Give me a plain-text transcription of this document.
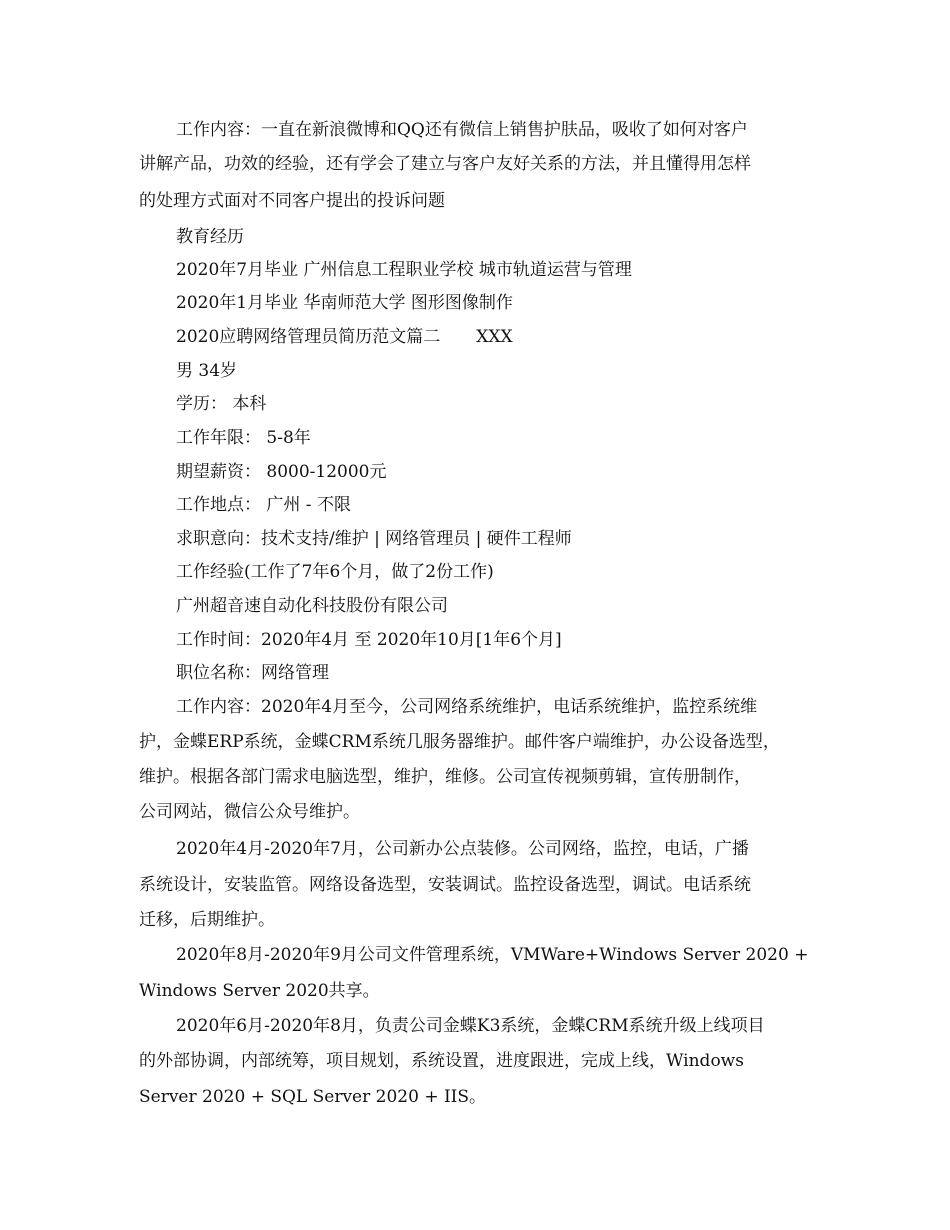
工作内容：一直在新浪微博和QQ还有微信上销售护肤品，吸收了如何对客户
讲解产品，功效的经验，还有学会了建立与客户友好关系的方法，并且懂得用怎样
的处理方式面对不同客户提出的投诉问题
教育经历
2020年7月毕业 广州信息工程职业学校 城市轨道运营与管理
2020年1月毕业 华南师范大学 图形图像制作
2020应聘网络管理员简历范文篇二 XXX
男 34岁
学历： 本科
工作年限： 5-8年
期望薪资： 8000-12000元
工作地点： 广州 - 不限
求职意向：技术支持/维护 | 网络管理员 | 硬件工程师
工作经验(工作了7年6个月，做了2份工作)
广州超音速自动化科技股份有限公司
工作时间：2020年4月 至 2020年10月[1年6个月]
职位名称：网络管理
工作内容：2020年4月至今，公司网络系统维护，电话系统维护，监控系统维
护，金蝶ERP系统，金蝶CRM系统几服务器维护。邮件客户端维护，办公设备选型，
维护。根据各部门需求电脑选型，维护，维修。公司宣传视频剪辑，宣传册制作，
公司网站，微信公众号维护。
2020年4月-2020年7月，公司新办公点装修。公司网络，监控，电话，广播
系统设计，安装监管。网络设备选型，安装调试。监控设备选型，调试。电话系统
迁移，后期维护。
2020年8月-2020年9月公司文件管理系统，VMWare+Windows Server 2020 +
Windows Server 2020共享。
2020年6月-2020年8月，负责公司金蝶K3系统，金蝶CRM系统升级上线项目
的外部协调，内部统筹，项目规划，系统设置，进度跟进，完成上线，Windows
Server 2020 + SQL Server 2020 + IIS。
